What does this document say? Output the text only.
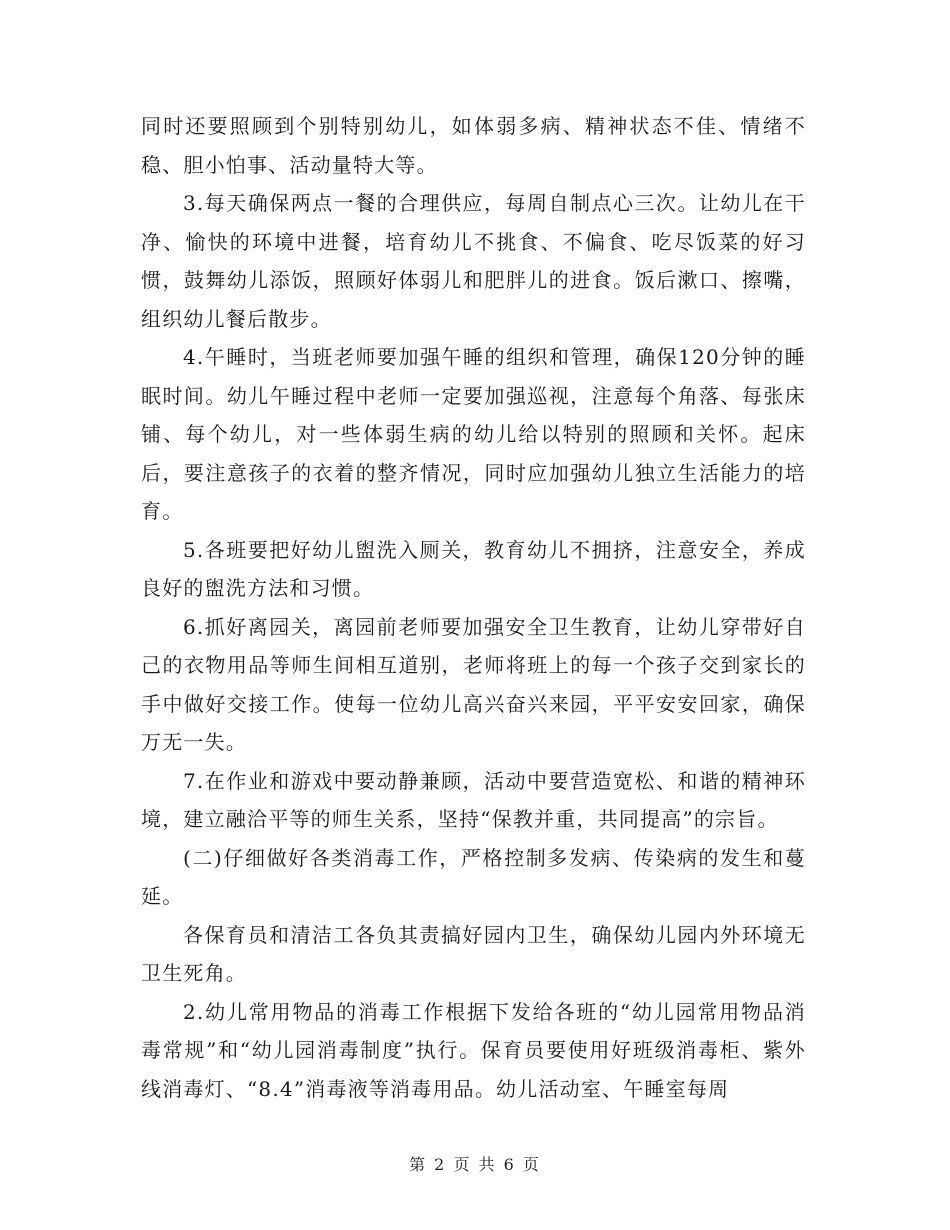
同时还要照顾到个别特别幼儿，如体弱多病、精神状态不佳、情绪不稳、胆小怕事、活动量特大等。

3.每天确保两点一餐的合理供应，每周自制点心三次。让幼儿在干净、愉快的环境中进餐，培育幼儿不挑食、不偏食、吃尽饭菜的好习惯，鼓舞幼儿添饭，照顾好体弱儿和肥胖儿的进食。饭后漱口、擦嘴，组织幼儿餐后散步。

4.午睡时，当班老师要加强午睡的组织和管理，确保120分钟的睡眠时间。幼儿午睡过程中老师一定要加强巡视，注意每个角落、每张床铺、每个幼儿，对一些体弱生病的幼儿给以特别的照顾和关怀。起床后，要注意孩子的衣着的整齐情况，同时应加强幼儿独立生活能力的培育。

5.各班要把好幼儿盥洗入厕关，教育幼儿不拥挤，注意安全，养成良好的盥洗方法和习惯。

6.抓好离园关，离园前老师要加强安全卫生教育，让幼儿穿带好自己的衣物用品等师生间相互道别，老师将班上的每一个孩子交到家长的手中做好交接工作。使每一位幼儿高兴奋兴来园，平平安安回家，确保万无一失。

7.在作业和游戏中要动静兼顾，活动中要营造宽松、和谐的精神环境，建立融洽平等的师生关系，坚持“保教并重，共同提高”的宗旨。

(二)仔细做好各类消毒工作，严格控制多发病、传染病的发生和蔓延。

各保育员和清洁工各负其责搞好园内卫生，确保幼儿园内外环境无卫生死角。

2.幼儿常用物品的消毒工作根据下发给各班的“幼儿园常用物品消毒常规”和“幼儿园消毒制度”执行。保育员要使用好班级消毒柜、紫外线消毒灯、“8.4”消毒液等消毒用品。幼儿活动室、午睡室每周

第 2 页 共 6 页
